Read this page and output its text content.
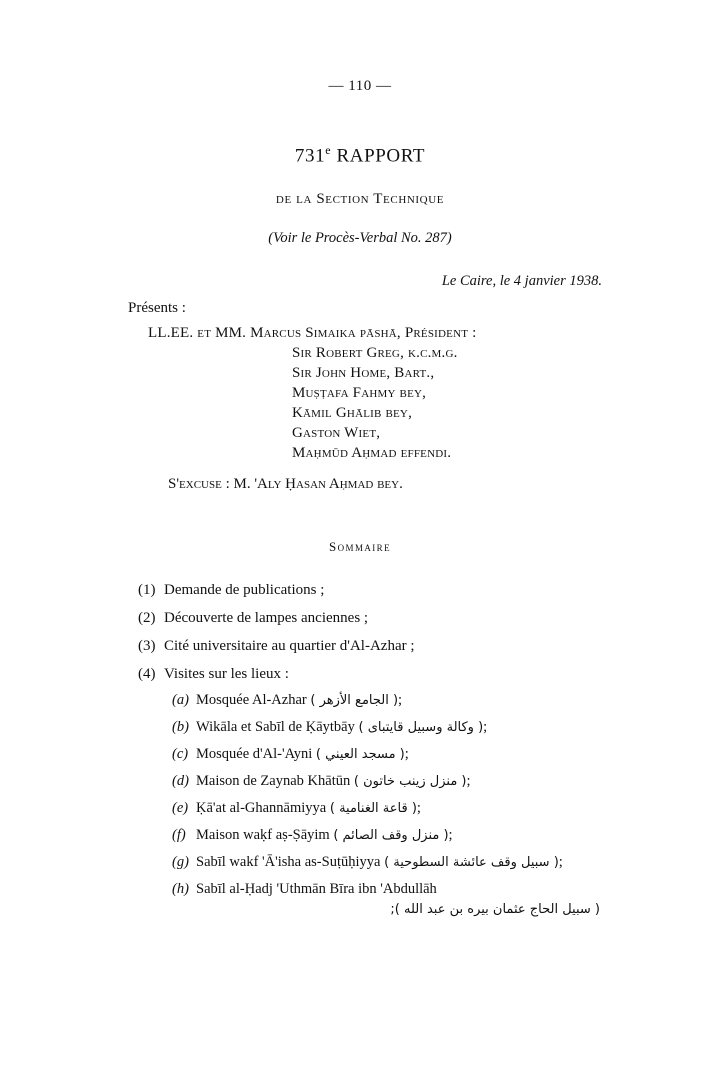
— 110 —
731e RAPPORT
de la Section Technique
(Voir le Procès-Verbal No. 287)
Le Caire, le 4 janvier 1938.
Présents :
LL.EE. et MM. Marcus Simaika pāshā, Président :
Sir Robert Greg, k.c.m.g.
Sir John Home, Bart.,
Muṣṭafa Fahmy bey,
Kāmil Ghālib bey,
Gaston Wiet,
Maḥmūd Aḥmad effendi.
S'excuse : M. 'Aly Ḥasan Aḥmad bey.
Sommaire
(1) Demande de publications ;
(2) Découverte de lampes anciennes ;
(3) Cité universitaire au quartier d'Al-Azhar ;
(4) Visites sur les lieux :
(a) Mosquée Al-Azhar ( الجامع الأزهر );
(b) Wikāla et Sabīl de Ḳāytbāy ( وكالة وسبيل قايتباى );
(c) Mosquée d'Al-'Ayni ( مسجد العيني );
(d) Maison de Zaynab Khātūn ( منزل زينب خاتون );
(e) Ḳā'at al-Ghannāmiyya ( قاعة الغنامية );
(f) Maison waḳf aṣ-Ṣāyim ( منزل وقف الصائم );
(g) Sabīl wakf 'Ā'isha as-Suṭūḥiyya ( سبيل وقف عائشة السطوحية );
(h) Sabīl al-Ḥadj 'Uthmān Bīra ibn 'Abdullāh
( سبيل الحاج عثمان بيره بن عبد الله );
